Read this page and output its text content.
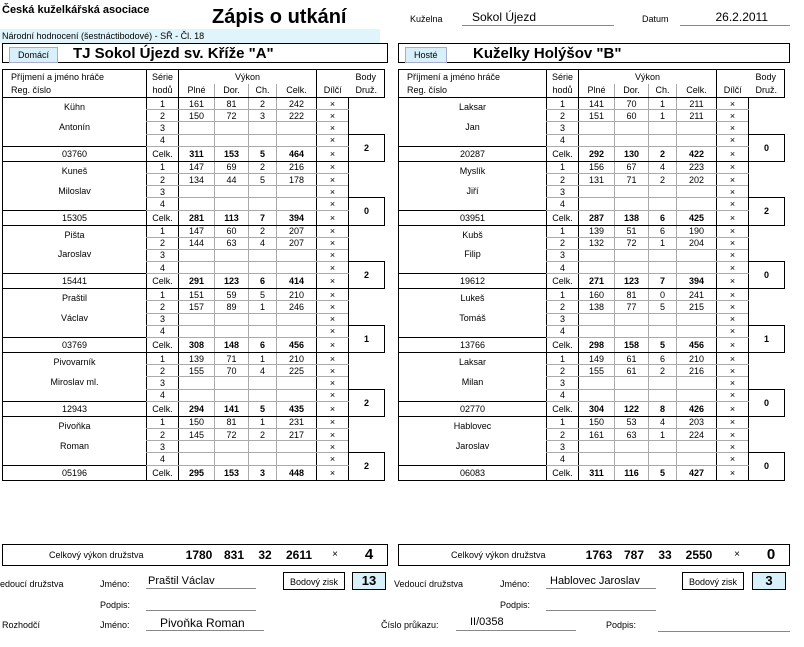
Česká kuželkářská asociace	Zápis o utkání
Národní hodnocení (šestnáctibodové) - SŘ - Čl. 18
Kuželna	Sokol Újezd	Datum	26.2.2011
Domácí	TJ Sokol Újezd sv. Kříže "A"	Hosté	Kuželky Holýšov "B"
Příjmení a jméno hráče	Série	Výkon				Body	
Reg. číslo	hodů	Plné	Dor.	Ch.	Celk.	Dílčí	Druž.
Kühn	1	161	81	2	242	×	
	2	150	72	3	222	×	
Antonín	3					×	
	4					×	2
03760	Celk.	311	153	5	464	×	
Kuneš	1	147	69	2	216	×	
	2	134	44	5	178	×	
Miloslav	3					×	
	4					×	0
15305	Celk.	281	113	7	394	×	
Pišta	1	147	60	2	207	×	
	2	144	63	4	207	×	
Jaroslav	3					×	
	4					×	2
15441	Celk.	291	123	6	414	×	
Praštil	1	151	59	5	210	×	
	2	157	89	1	246	×	
Václav	3					×	
	4					×	1
03769	Celk.	308	148	6	456	×	
Pivovarník	1	139	71	1	210	×	
	2	155	70	4	225	×	
Miroslav ml.	3					×	
	4					×	2
12943	Celk.	294	141	5	435	×	
Pivoňka	1	150	81	1	231	×	
	2	145	72	2	217	×	
Roman	3					×	
	4					×	2
05196	Celk.	295	153	3	448	×	
Příjmení a jméno hráče	Série	Výkon				Body	
Reg. číslo	hodů	Plné	Dor.	Ch.	Celk.	Dílčí	Druž.
Laksar	1	141	70	1	211	×	
	2	151	60	1	211	×	
Jan	3					×	
	4					×	0
20287	Celk.	292	130	2	422	×	
Myslík	1	156	67	4	223	×	
	2	131	71	2	202	×	
Jiří	3					×	
	4					×	2
03951	Celk.	287	138	6	425	×	
Kubš	1	139	51	6	190	×	
	2	132	72	1	204	×	
Filip	3					×	
	4					×	0
19612	Celk.	271	123	7	394	×	
Lukeš	1	160	81	0	241	×	
	2	138	77	5	215	×	
Tomáš	3					×	
	4					×	1
13766	Celk.	298	158	5	456	×	
Laksar	1	149	61	6	210	×	
	2	155	61	2	216	×	
Milan	3					×	
	4					×	0
02770	Celk.	304	122	8	426	×	
Hablovec	1	150	53	4	203	×	
	2	161	63	1	224	×	
Jaroslav	3					×	
	4					×	0
06083	Celk.	311	116	5	427	×	
Celkový výkon družstva	1780 831	32	2611	×	4	Celkový výkon družstva	1763 787	33	2550	×	0
edoucí družstva	Jméno: Praštil Václav
Podpis:
Bodový zisk	13	Vedoucí družstva	Jméno:	Hablovec Jaroslav
Podpis:
Bodový zisk	3
Rozhodčí	Jméno:	Pivoňka Roman	Číslo průkazu:	II/0358	Podpis:
